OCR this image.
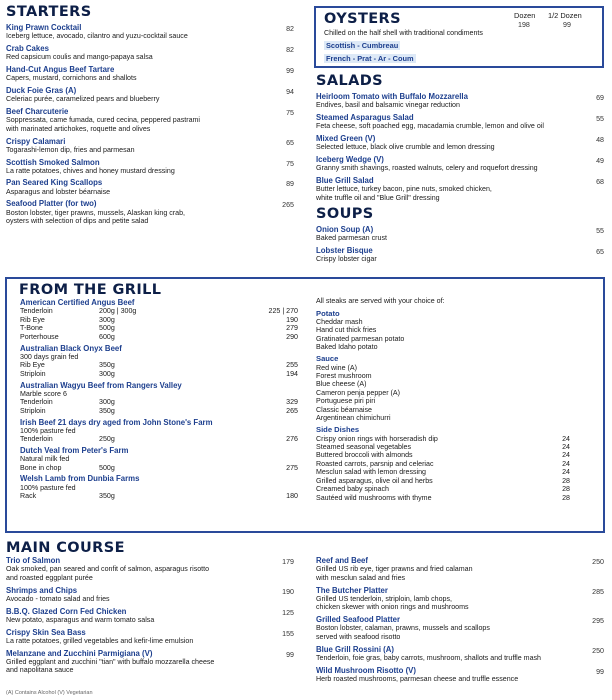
STARTERS
King Prawn Cocktail
Iceberg lettuce, avocado, cilantro and yuzu-cocktail sauce
82
Crab Cakes
Red capsicum coulis and mango-papaya salsa
82
Hand-Cut Angus Beef Tartare
Capers, mustard, cornichons and shallots
99
Duck Foie Gras (A)
Celeriac purée, caramelized pears and blueberry
94
Beef Charcuterie
Soppressata, came fumada, cured cecina, peppered pastrami
with marinated artichokes, roquette and olives
75
Crispy Calamari
Togarashi-lemon dip, fries and parmesan
65
Scottish Smoked Salmon
La ratte potatoes, chives and honey mustard dressing
75
Pan Seared King Scallops
Asparagus and lobster béarnaise
89
Seafood Platter (for two)
Boston lobster, tiger prawns, mussels, Alaskan king crab,
oysters with selection of dips and petite salad
265
OYSTERS	Dozen 1/2 Dozen
Chilled on the half shell with traditional condiments
198	99
Scottish - Cumbreau
French - Prat - Ar - Coum
SALADS
Heirloom Tomato with Buffalo Mozzarella
Endives, basil and balsamic vinegar reduction
69
Steamed Asparagus Salad
Feta cheese, soft poached egg, macadamia crumble, lemon and olive oil
55
Mixed Green (V)
Selected lettuce, black olive crumble and lemon dressing
48
Iceberg Wedge (V)
Granny smith shavings, roasted walnuts, celery and roquefort dressing
49
Blue Grill Salad
Butter lettuce, turkey bacon, pine nuts, smoked chicken,
white truffle oil and "Blue Grill" dressing
68
SOUPS
Onion Soup (A)
Baked parmesan crust
55
Lobster Bisque
Crispy lobster cigar
65
FROM THE GRILL
American Certified Angus Beef
Tenderloin	200g | 300g	225 | 270
Rib Eye	300g	190
T-Bone	500g	279
Porterhouse	600g	290
Australian Black Onyx Beef
300 days grain fed
Rib Eye	350g	255
Striploin	300g	194
Australian Wagyu Beef from Rangers Valley
Marble score 6
Tenderloin	300g	329
Striploin	350g	265
Irish Beef 21 days dry aged from John Stone's Farm
100% pasture fed
Tenderloin	250g	276
Dutch Veal from Peter's Farm
Natural milk fed
Bone in chop	500g	275
Welsh Lamb from Dunbia Farms
100% pasture fed
Rack	350g	180
All steaks are served with your choice of:
Potato
Cheddar mash
Hand cut thick fries
Gratinated parmesan potato
Baked Idaho potato
Sauce
Red wine (A)
Forest mushroom
Blue cheese (A)
Cameron penja pepper (A)
Portuguese piri piri
Classic béarnaise
Argentinean chimichurri
Side Dishes
Crispy onion rings with horseradish dip	24
Steamed seasonal vegetables	24
Buttered broccoli with almonds	24
Roasted carrots, parsnip and celeriac	24
Mesclun salad with lemon dressing	24
Grilled asparagus, olive oil and herbs	28
Creamed baby spinach	28
Sautéed wild mushrooms with thyme	28
MAIN COURSE
Trio of Salmon
Oak smoked, pan seared and confit of salmon, asparagus risotto
and roasted eggplant purée
179
Shrimps and Chips
Avocado - tomato salad and fries
190
B.B.Q. Glazed Corn Fed Chicken
New potato, asparagus and warm tomato salsa
125
Crispy Skin Sea Bass
La ratte potatoes, grilled vegetables and kefir-lime emulsion
155
Melanzane and Zucchini Parmigiana (V)
Grilled eggplant and zucchini "tian" with buffalo mozzarella cheese
and napolitana sauce
99
Reef and Beef
Grilled US rib eye, tiger prawns and fried calaman
with mesclun salad and fries
250
The Butcher Platter
Grilled US tenderloin, striploin, lamb chops,
chicken skewer with onion rings and mushrooms
285
Grilled Seafood Platter
Boston lobster, calaman, prawns, mussels and scallops
served with seafood risotto
295
Blue Grill Rossini (A)
Tenderloin, foie gras, baby carrots, mushroom, shallots and truffle mash
250
Wild Mushroom Risotto (V)
Herb roasted mushrooms, parmesan cheese and truffle essence
99
(A) Contains Alcohol (V) Vegetarian
